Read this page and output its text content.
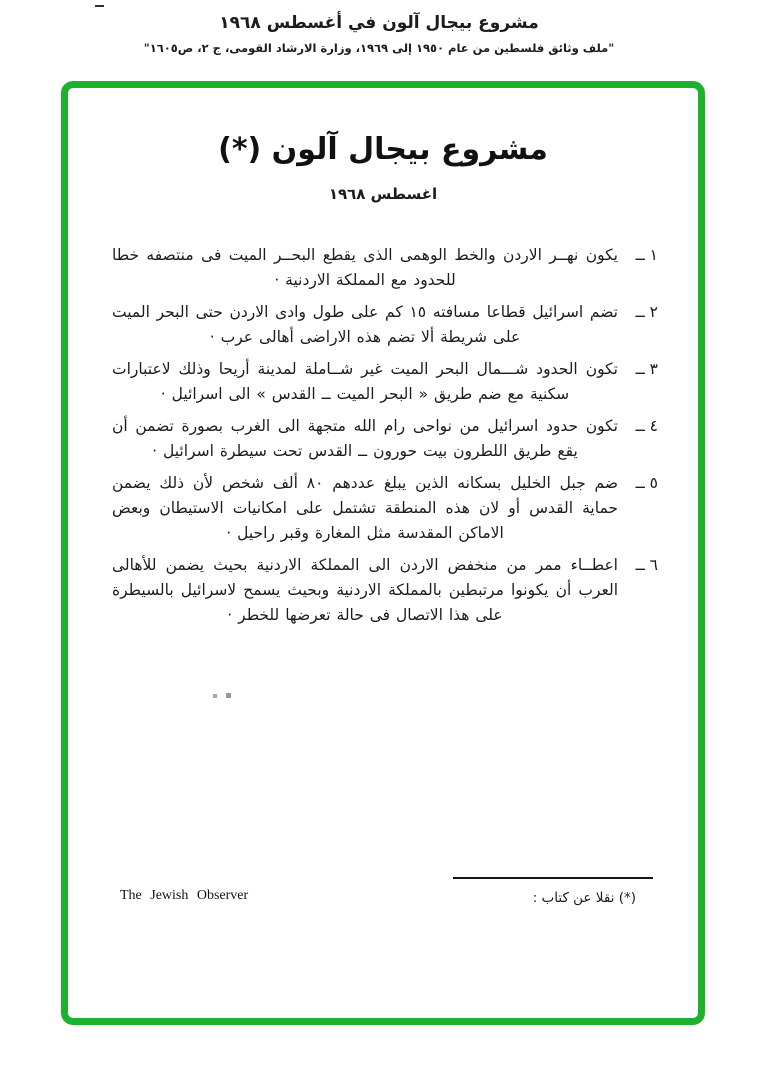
مشروع بيجال آلون في أغسطس ١٩٦٨
"ملف وثائق فلسطين من عام ١٩٥٠ إلى ١٩٦٩، وزارة الارشاد القومى، ج ٢، ص١٦٠٥"
مشروع بيجال آلون (*)
اغسطس ١٩٦٨
١ ــ
يكون نهــر الاردن والخط الوهمى الذى يقطع البحــر الميت فى منتصفه خطا للحدود مع المملكة الاردنية ·
٢ ــ
تضم اسرائيل قطاعا مسافته ١٥ كم على طول وادى الاردن حتى البحر الميت على شريطة ألا تضم هذه الاراضى أهالى عرب ·
٣ ــ
تكون الحدود شـــمال البحر الميت غير شــاملة لمدينة أريحا وذلك لاعتبارات سكنية مع ضم طريق « البحر الميت ــ القدس » الى اسرائيل ·
٤ ــ
تكون حدود اسرائيل من نواحى رام الله متجهة الى الغرب بصورة تضمن أن يقع طريق اللطرون بيت حورون ــ القدس تحت سيطرة اسرائيل ·
٥ ــ
ضم جبل الخليل بسكانه الذين يبلغ عددهم ٨٠ ألف شخص لأن ذلك يضمن حماية القدس أو لان هذه المنطقة تشتمل على امكانيات الاستيطان وبعض الاماكن المقدسة مثل المغارة وقبر راحيل ·
٦ ــ
اعطــاء ممر من منخفض الاردن الى المملكة الاردنية بحيث يضمن للأهالى العرب أن يكونوا مرتبطين بالمملكة الاردنية وبحيث يسمح لاسرائيل بالسيطرة على هذا الاتصال فى حالة تعرضها للخطر ·
(*) نقلا عن كتاب :
The Jewish Observer
